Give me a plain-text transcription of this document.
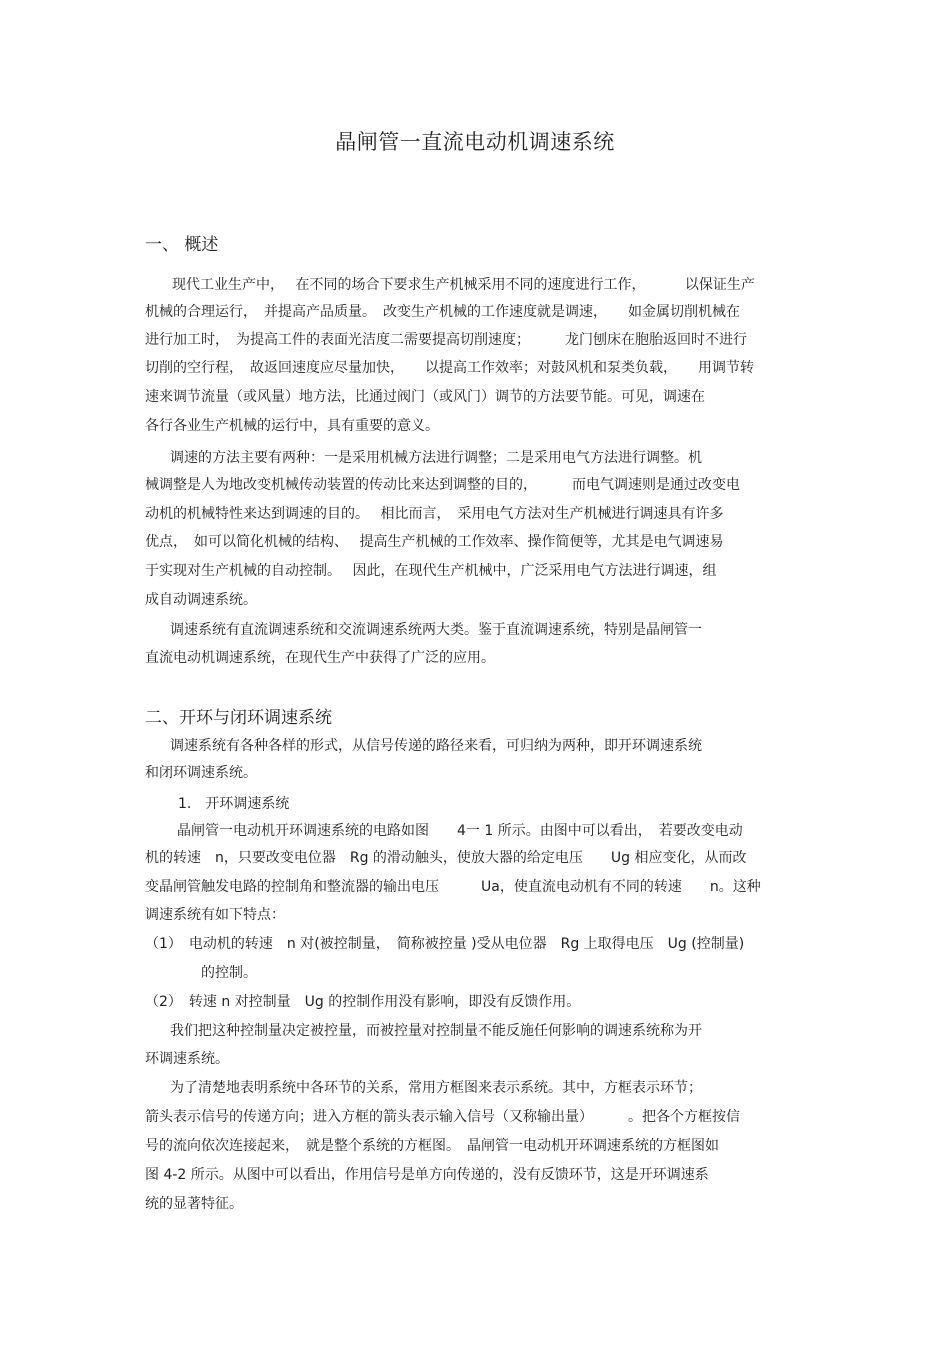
晶闸管一直流电动机调速系统
一、 概述
现代工业生产中，　 在不同的场合下要求生产机械采用不同的速度进行工作，　　　 以保证生产
机械的合理运行，　并提高产品质量。　改变生产机械的工作速度就是调速，　　如金属切削机械在
进行加工时，　为提高工件的表面光洁度二需要提高切削速度；　　　龙门刨床在胞胎返回时不进行
切削的空行程，　故返回速度应尽量加快，　　以提高工作效率；对鼓风机和泵类负载，　　用调节转
速来调节流量（或风量）地方法，比通过阀门（或风门）调节的方法要节能。可见，调速在
各行各业生产机械的运行中，具有重要的意义。
调速的方法主要有两种：一是采用机械方法进行调整；二是采用电气方法进行调整。机
械调整是人为地改变机械传动装置的传动比来达到调整的目的，　　　而电气调速则是通过改变电
动机的机械特性来达到调速的目的。　 相比而言，　采用电气方法对生产机械进行调速具有许多
优点，　如可以简化机械的结构、　 提高生产机械的工作效率、操作简便等，尤其是电气调速易
于实现对生产机械的自动控制。　 因此，在现代生产机械中，广泛采用电气方法进行调速，组
成自动调速系统。
调速系统有直流调速系统和交流调速系统两大类。鉴于直流调速系统，特别是晶闸管一
直流电动机调速系统，在现代生产中获得了广泛的应用。
二、开环与闭环调速系统
调速系统有各种各样的形式，从信号传递的路径来看，可归纳为两种，即开环调速系统
和闭环调速系统。
1.　开环调速系统
晶闸管一电动机开环调速系统的电路如图　　4一 1 所示。由图中可以看出，　若要改变电动
机的转速　n，只要改变电位器　Rg 的滑动触头，使放大器的给定电压　　Ug 相应变化，从而改
变晶闸管触发电路的控制角和整流器的输出电压　　　Ua，使直流电动机有不同的转速　　n。这种
调速系统有如下特点：
（1）　电动机的转速　n 对(被控制量，　简称被控量 )受从电位器　Rg 上取得电压　Ug (控制量)
的控制。
（2）　转速 n 对控制量　Ug 的控制作用没有影响，即没有反馈作用。
我们把这种控制量决定被控量，而被控量对控制量不能反施任何影响的调速系统称为开
环调速系统。
为了清楚地表明系统中各环节的关系，常用方框图来表示系统。其中，方框表示环节；
箭头表示信号的传递方向；进入方框的箭头表示输入信号（又称输出量）　　　。把各个方框按信
号的流向依次连接起来，　就是整个系统的方框图。　晶闸管一电动机开环调速系统的方框图如
图 4-2 所示。从图中可以看出，作用信号是单方向传递的，没有反馈环节，这是开环调速系
统的显著特征。
